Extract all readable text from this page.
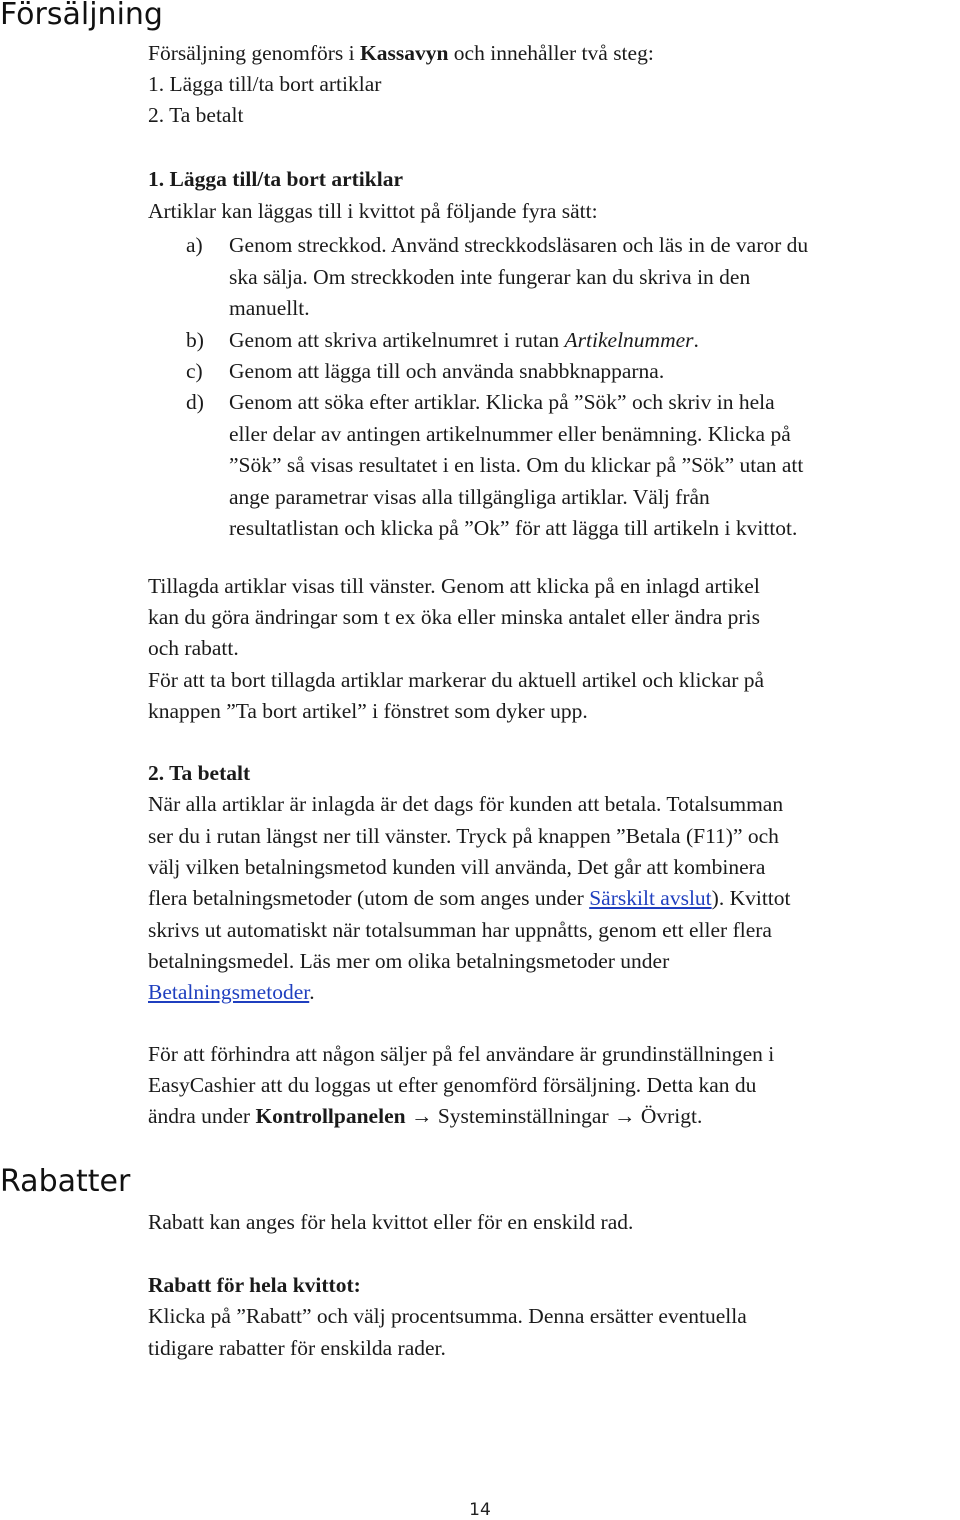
Försäljning
Försäljning genomförs i Kassavyn och innehåller två steg:
1. Lägga till/ta bort artiklar
2. Ta betalt
1. Lägga till/ta bort artiklar
Artiklar kan läggas till i kvittot på följande fyra sätt:
a) Genom streckkod. Använd streckkodsläsaren och läs in de varor du
ska sälja. Om streckkoden inte fungerar kan du skriva in den
manuellt.
b) Genom att skriva artikelnumret i rutan Artikelnummer.
c) Genom att lägga till och använda snabbknapparna.
d) Genom att söka efter artiklar. Klicka på ”Sök” och skriv in hela
eller delar av antingen artikelnummer eller benämning. Klicka på
”Sök” så visas resultatet i en lista. Om du klickar på ”Sök” utan att
ange parametrar visas alla tillgängliga artiklar. Välj från
resultatlistan och klicka på ”Ok” för att lägga till artikeln i kvittot.
Tillagda artiklar visas till vänster. Genom att klicka på en inlagd artikel
kan du göra ändringar som t ex öka eller minska antalet eller ändra pris
och rabatt.
För att ta bort tillagda artiklar markerar du aktuell artikel och klickar på
knappen ”Ta bort artikel” i fönstret som dyker upp.
2. Ta betalt
När alla artiklar är inlagda är det dags för kunden att betala. Totalsumman
ser du i rutan längst ner till vänster. Tryck på knappen ”Betala (F11)” och
välj vilken betalningsmetod kunden vill använda, Det går att kombinera
flera betalningsmetoder (utom de som anges under Särskilt avslut). Kvittot
skrivs ut automatiskt när totalsumman har uppnåtts, genom ett eller flera
betalningsmedel. Läs mer om olika betalningsmetoder under
Betalningsmetoder.
För att förhindra att någon säljer på fel användare är grundinställningen i
EasyCashier att du loggas ut efter genomförd försäljning. Detta kan du
ändra under Kontrollpanelen → Systeminställningar → Övrigt.
Rabatter
Rabatt kan anges för hela kvittot eller för en enskild rad.
Rabatt för hela kvittot:
Klicka på ”Rabatt” och välj procentsumma. Denna ersätter eventuella
tidigare rabatter för enskilda rader.
14
